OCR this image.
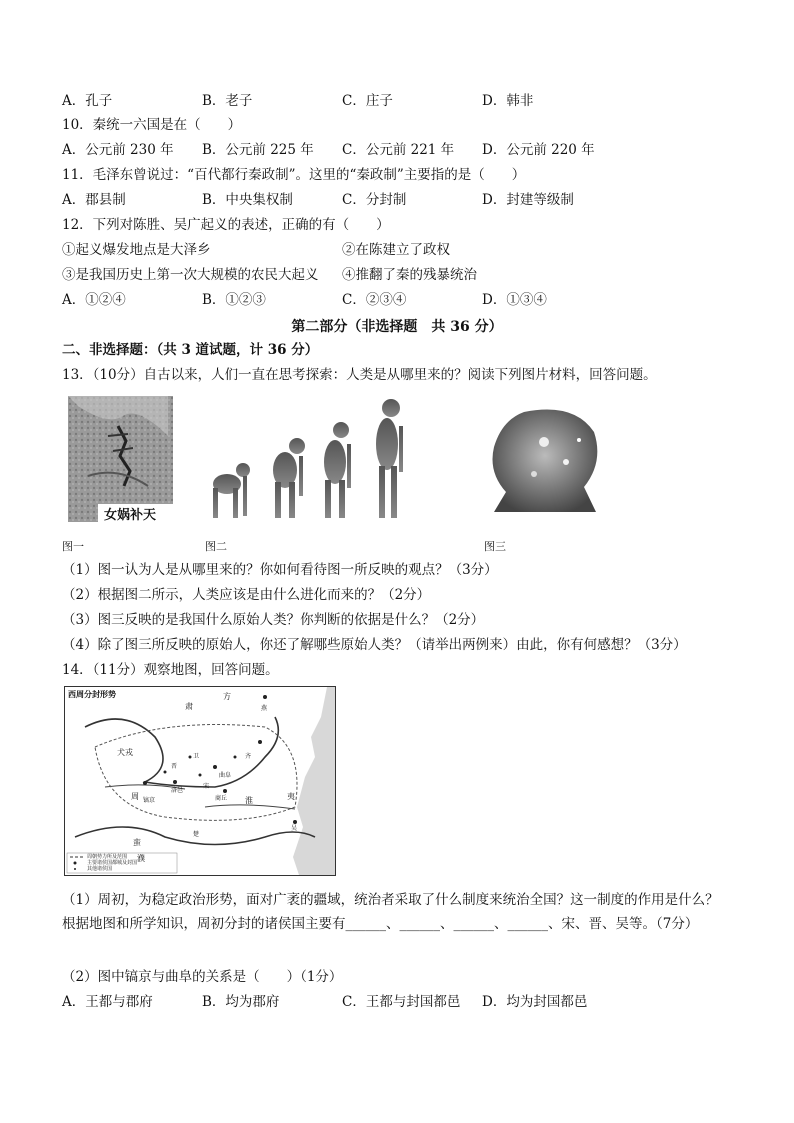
A．孔子	B．老子	C．庄子	D．韩非
10．秦统一六国是在（　　）
A．公元前 230 年 B．公元前 225 年 C．公元前 221 年 D．公元前 220 年
11．毛泽东曾说过：“百代都行秦政制”。这里的“秦政制”主要指的是（　　）
A．郡县制	B．中央集权制	C．分封制	D．封建等级制
12．下列对陈胜、吴广起义的表述，正确的有（　　）
①起义爆发地点是大泽乡	②在陈建立了政权
③是我国历史上第一次大规模的农民大起义 ④推翻了秦的残暴统治
A．①②④	B．①②③	C．②③④	D．①③④
第二部分（非选择题　共 36 分）
二、非选择题：（共 3 道试题，计 36 分）
13．（10分）自古以来，人们一直在思考探索：人类是从哪里来的？阅读下列图片材料，回答问题。
女娲补天
图一	图二	图三
（1）图一认为人是从哪里来的？你如何看待图一所反映的观点？（3分）
（2）根据图二所示，人类应该是由什么进化而来的？（2分）
（3）图三反映的是我国什么原始人类？你判断的依据是什么？（2分）
（4）除了图三所反映的原始人，你还了解哪些原始人类？（请举出两例来）由此，你有何感想？（3分）
14．（11分）观察地图，回答问题。
西周分封形势
犬戎
周 镐京
洛邑
曲阜
商丘 淮	夷
蛮
濮
方
肃	燕
卫
晋
齐
宋
楚
吴
周朝势力所及范围
主要诸侯国都城及封国
其他诸侯国
（1）周初，为稳定政治形势，面对广袤的疆域，统治者采取了什么制度来统治全国？这一制度的作用是什么？根据地图和所学知识，周初分封的诸侯国主要有______、______、______、______、宋、晋、吴等。（7分）
（2）图中镐京与曲阜的关系是（　　）（1分）
A．王都与郡府	B．均为郡府	C．王都与封国都邑 D．均为封国都邑
